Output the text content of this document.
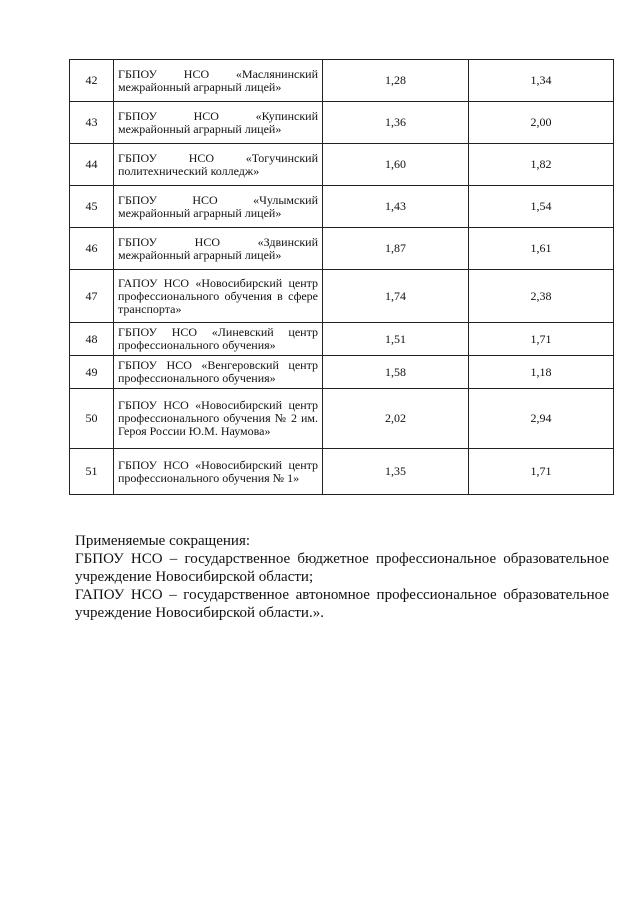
42	ГБПОУ НСО «Маслянинский межрайонный аграрный лицей»	1,28	1,34
43	ГБПОУ НСО «Купинский межрайонный аграрный лицей»	1,36	2,00
44	ГБПОУ НСО «Тогучинский политехнический колледж»	1,60	1,82
45	ГБПОУ НСО «Чулымский межрайонный аграрный лицей»	1,43	1,54
46	ГБПОУ НСО «Здвинский межрайонный аграрный лицей»	1,87	1,61
47	ГАПОУ НСО «Новосибирский центр профессионального обучения в сфере транспорта»	1,74	2,38
48	ГБПОУ НСО «Линевский центр профессионального обучения»	1,51	1,71
49	ГБПОУ НСО «Венгеровский центр профессионального обучения»	1,58	1,18
50	ГБПОУ НСО «Новосибирский центр профессионального обучения № 2 им. Героя России Ю.М. Наумова»	2,02	2,94
51	ГБПОУ НСО «Новосибирский центр профессионального обучения № 1»	1,35	1,71

Применяемые сокращения:

ГБПОУ НСО – государственное бюджетное профессиональное образовательное учреждение Новосибирской области;

ГАПОУ НСО – государственное автономное профессиональное образовательное учреждение Новосибирской области.».
